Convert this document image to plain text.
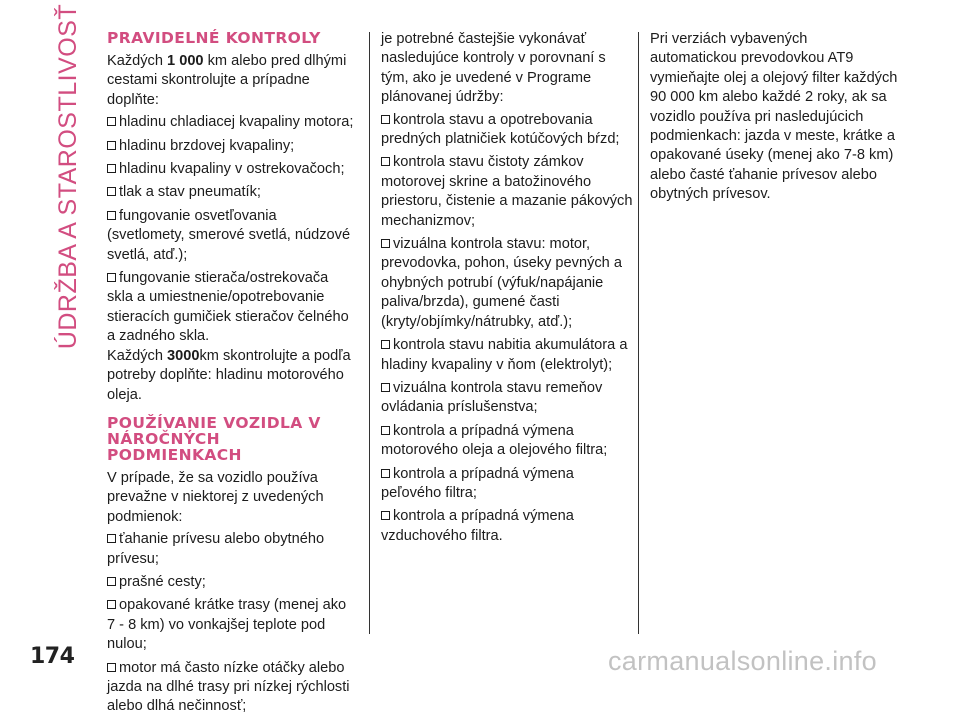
ÚDRŽBA A STAROSTLIVOSŤ PRAVIDELNÉ KONTROLY

Každých 1 000 km alebo pred dlhými cestami skontrolujte a prípadne doplňte:

hladinu chladiacej kvapaliny motora;
hladinu brzdovej kvapaliny;
hladinu kvapaliny v ostrekovačoch;
tlak a stav pneumatík;
fungovanie osvetľovania (svetlomety, smerové svetlá, núdzové svetlá, atď.);
fungovanie stierača/ostrekovača skla a umiestnenie/opotrebovanie stieracích gumičiek stieračov čelného a zadného skla.

Každých 3000km skontrolujte a podľa potreby doplňte: hladinu motorového oleja.

POUŽÍVANIE VOZIDLA V NÁROČNÝCH PODMIENKACH

V prípade, že sa vozidlo používa prevažne v niektorej z uvedených podmienok:

ťahanie prívesu alebo obytného prívesu;
prašné cesty;
opakované krátke trasy (menej ako 7 - 8 km) vo vonkajšej teplote pod nulou;
motor má často nízke otáčky alebo jazda na dlhé trasy pri nízkej rýchlosti alebo dlhá nečinnosť;

je potrebné častejšie vykonávať nasledujúce kontroly v porovnaní s tým, ako je uvedené v Programe plánovanej údržby:

kontrola stavu a opotrebovania predných platničiek kotúčových bŕzd;
kontrola stavu čistoty zámkov motorovej skrine a batožinového priestoru, čistenie a mazanie pákových mechanizmov;
vizuálna kontrola stavu: motor, prevodovka, pohon, úseky pevných a ohybných potrubí (výfuk/napájanie paliva/brzda), gumené časti (kryty/objímky/nátrubky, atď.);
kontrola stavu nabitia akumulátora a hladiny kvapaliny v ňom (elektrolyt);
vizuálna kontrola stavu remeňov ovládania príslušenstva;
kontrola a prípadná výmena motorového oleja a olejového filtra;
kontrola a prípadná výmena peľového filtra;
kontrola a prípadná výmena vzduchového filtra.

Pri verziách vybavených automatickou prevodovkou AT9 vymieňajte olej a olejový filter každých 90 000 km alebo každé 2 roky, ak sa vozidlo používa pri nasledujúcich podmienkach: jazda v meste, krátke a opakované úseky (menej ako 7-8 km) alebo časté ťahanie prívesov alebo obytných prívesov.

174	carmanualsonline.info
